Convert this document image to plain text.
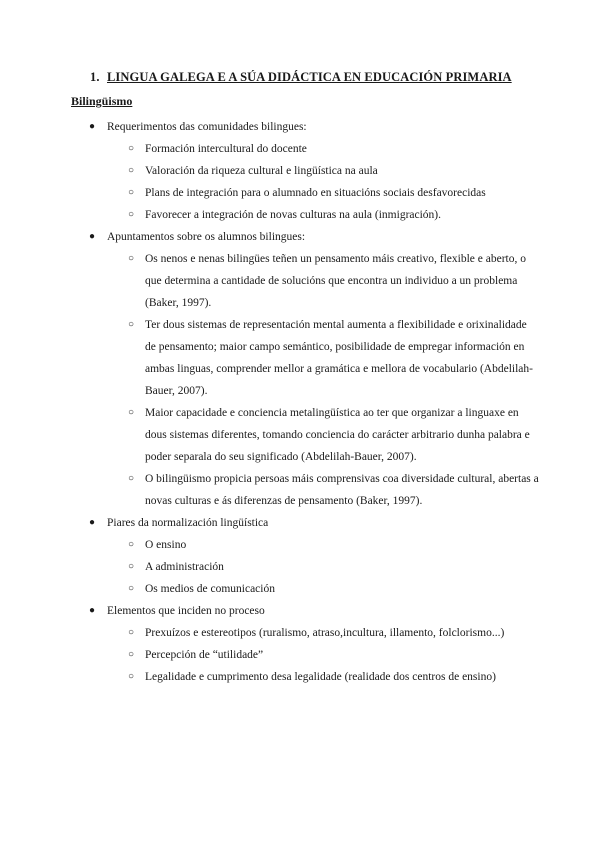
1. LINGUA GALEGA E A SÚA DIDÁCTICA EN EDUCACIÓN PRIMARIA
Bilingüismo
● Requerimentos das comunidades bilingues:
○ Formación intercultural do docente
○ Valoración da riqueza cultural e lingüística na aula
○ Plans de integración para o alumnado en situacións sociais desfavorecidas
○ Favorecer a integración de novas culturas na aula (inmigración).
● Apuntamentos sobre os alumnos bilingues:
○ Os nenos e nenas bilingües teñen un pensamento máis creativo, flexible e aberto, o que determina a cantidade de solucións que encontra un individuo a un problema (Baker, 1997).
○ Ter dous sistemas de representación mental aumenta a flexibilidade e orixinalidade de pensamento; maior campo semántico, posibilidade de empregar información en ambas linguas, comprender mellor a gramática e mellora de vocabulario (Abdelilah-Bauer, 2007).
○ Maior capacidade e conciencia metalingüística ao ter que organizar a linguaxe en dous sistemas diferentes, tomando conciencia do carácter arbitrario dunha palabra e poder separala do seu significado (Abdelilah-Bauer, 2007).
○ O bilingüismo propicia persoas máis comprensivas coa diversidade cultural, abertas a novas culturas e ás diferenzas de pensamento (Baker, 1997).
● Piares da normalización lingüística
○ O ensino
○ A administración
○ Os medios de comunicación
● Elementos que inciden no proceso
○ Prexuízos e estereotipos (ruralismo, atraso,incultura, illamento, folclorismo...)
○ Percepción de “utilidade”
○ Legalidade e cumprimento desa legalidade (realidade dos centros de ensino)
